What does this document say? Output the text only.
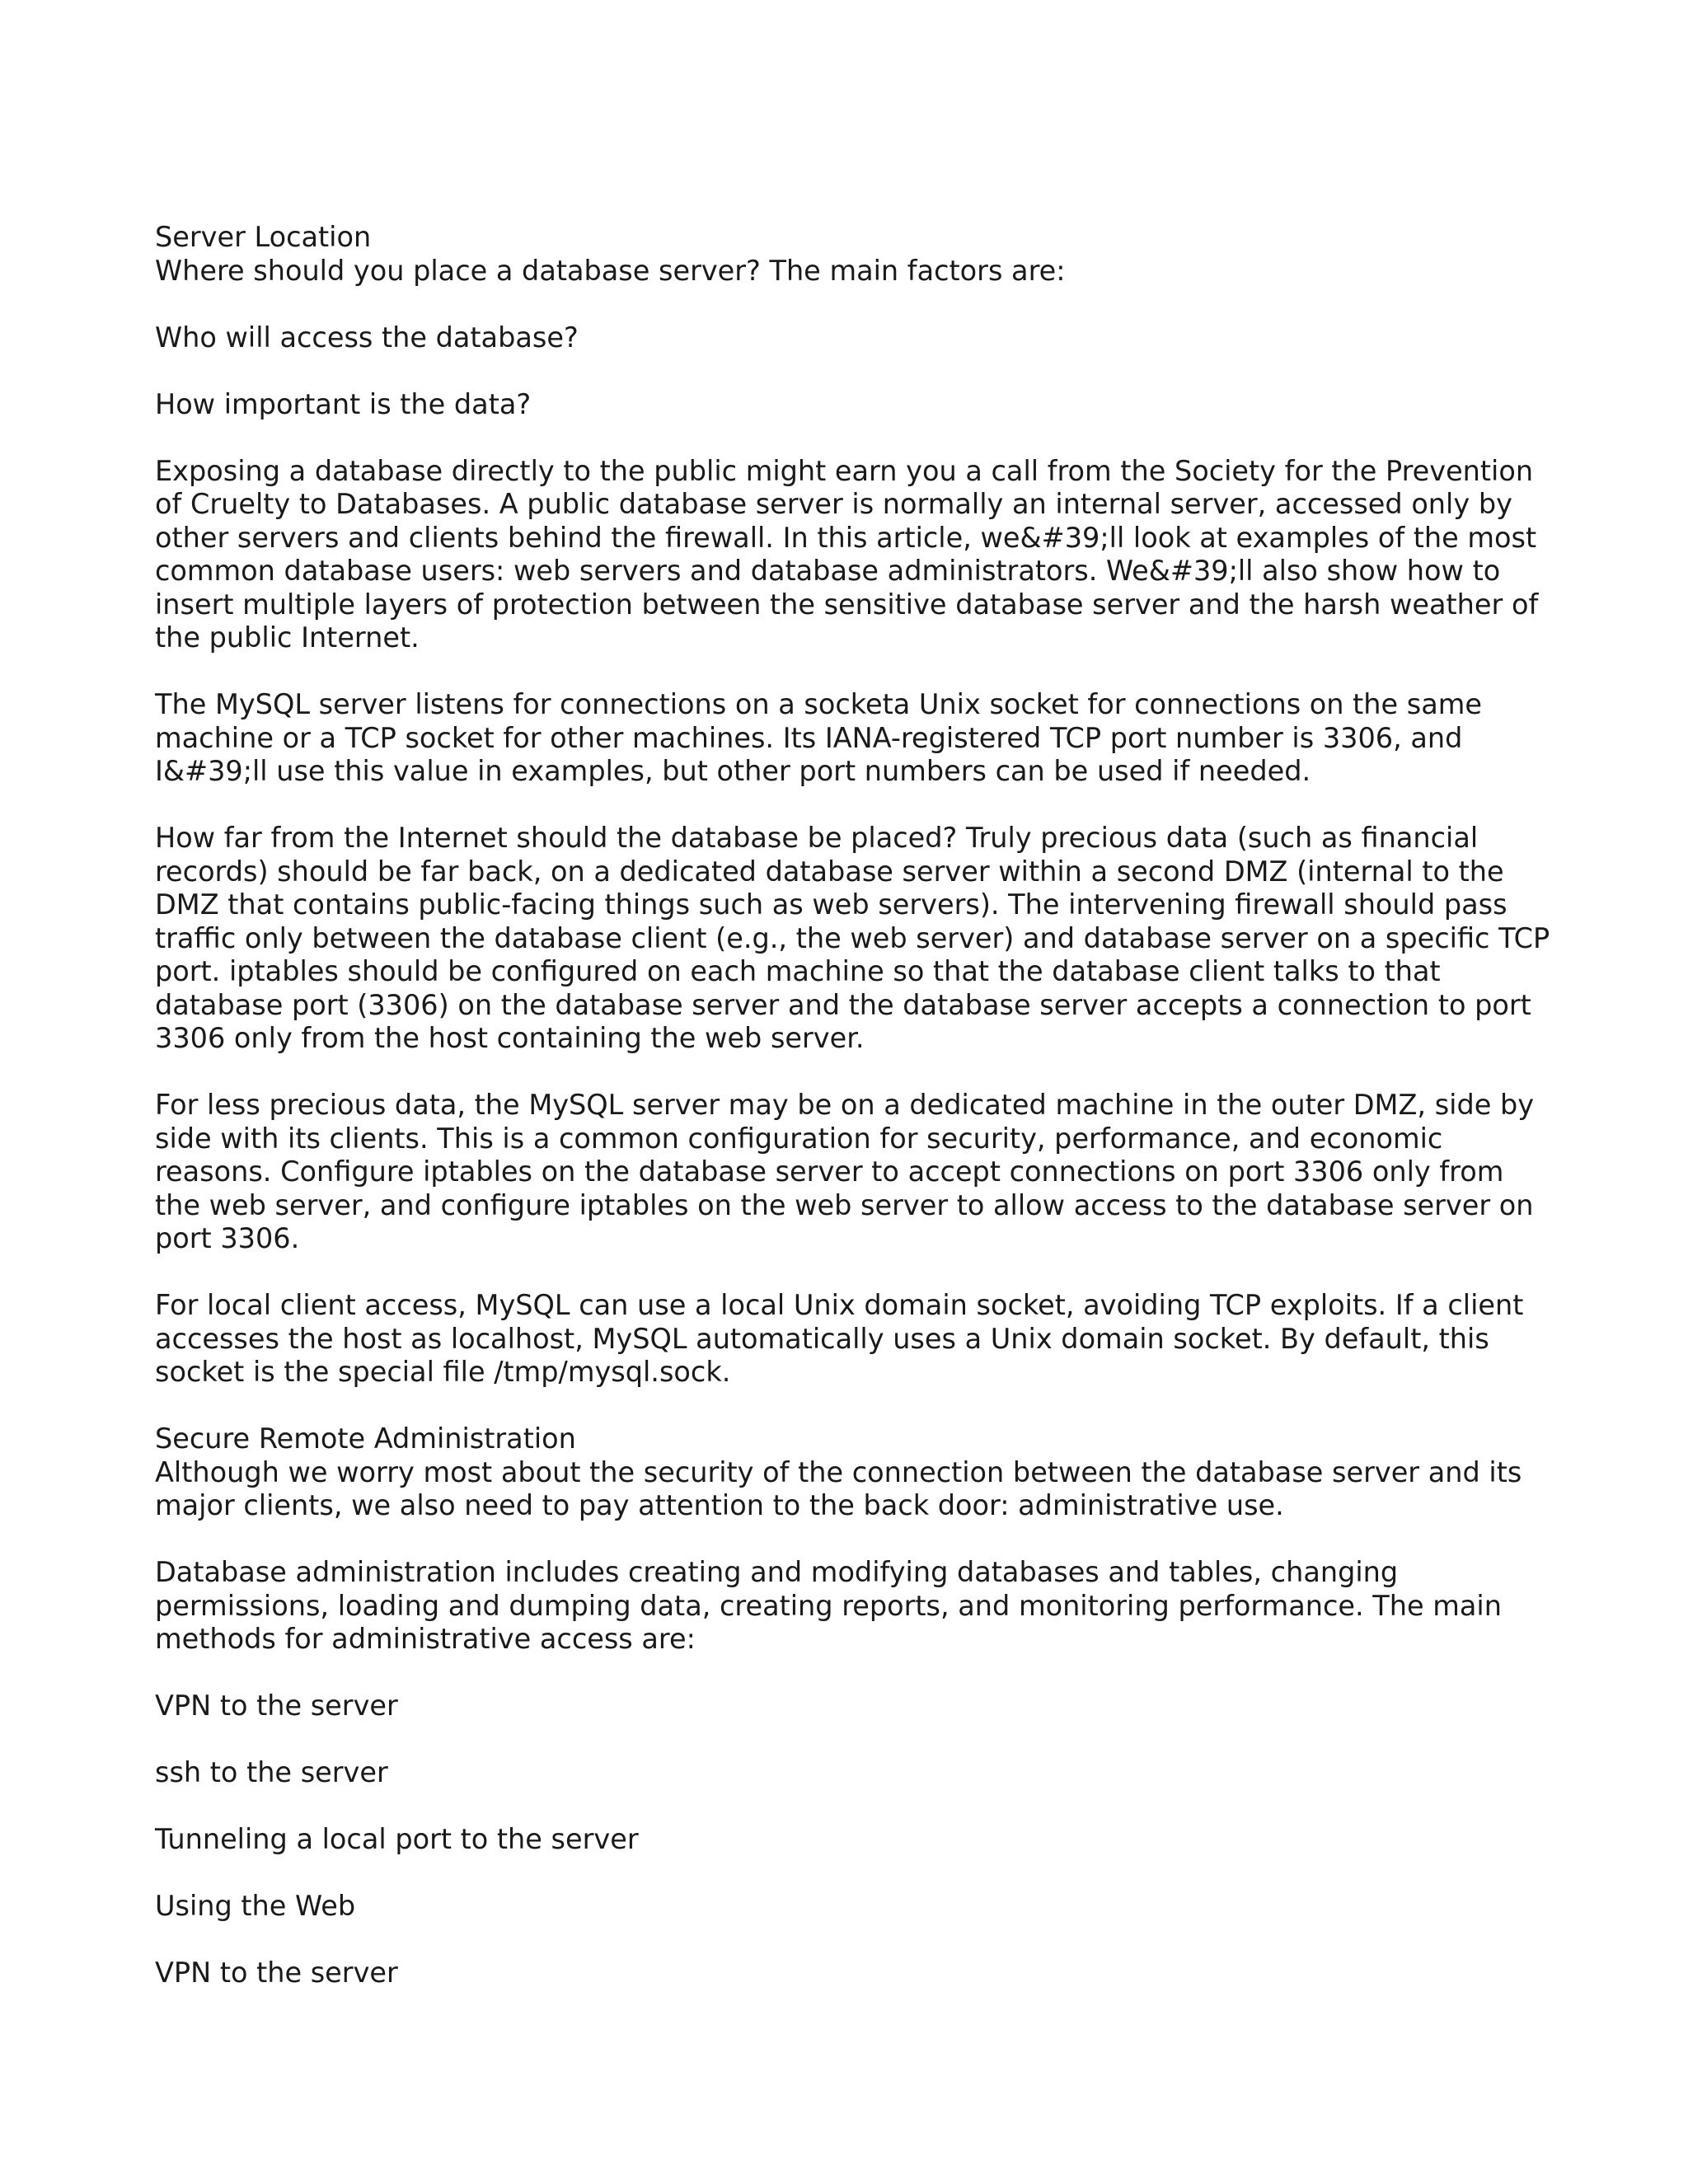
Server Location
Where should you place a database server? The main factors are:

Who will access the database?

How important is the data?

Exposing a database directly to the public might earn you a call from the Society for the Prevention of Cruelty to Databases. A public database server is normally an internal server, accessed only by other servers and clients behind the firewall. In this article, we&#39;ll look at examples of the most common database users: web servers and database administrators. We&#39;ll also show how to insert multiple layers of protection between the sensitive database server and the harsh weather of the public Internet.

The MySQL server listens for connections on a socketa Unix socket for connections on the same machine or a TCP socket for other machines. Its IANA-registered TCP port number is 3306, and I&#39;ll use this value in examples, but other port numbers can be used if needed.

How far from the Internet should the database be placed? Truly precious data (such as financial records) should be far back, on a dedicated database server within a second DMZ (internal to the DMZ that contains public-facing things such as web servers). The intervening firewall should pass traffic only between the database client (e.g., the web server) and database server on a specific TCP port. iptables should be configured on each machine so that the database client talks to that database port (3306) on the database server and the database server accepts a connection to port 3306 only from the host containing the web server.

For less precious data, the MySQL server may be on a dedicated machine in the outer DMZ, side by side with its clients. This is a common configuration for security, performance, and economic reasons. Configure iptables on the database server to accept connections on port 3306 only from the web server, and configure iptables on the web server to allow access to the database server on port 3306.

For local client access, MySQL can use a local Unix domain socket, avoiding TCP exploits. If a client accesses the host as localhost, MySQL automatically uses a Unix domain socket. By default, this socket is the special file /tmp/mysql.sock.

Secure Remote Administration
Although we worry most about the security of the connection between the database server and its major clients, we also need to pay attention to the back door: administrative use.

Database administration includes creating and modifying databases and tables, changing permissions, loading and dumping data, creating reports, and monitoring performance. The main methods for administrative access are:

VPN to the server

ssh to the server

Tunneling a local port to the server

Using the Web

VPN to the server
